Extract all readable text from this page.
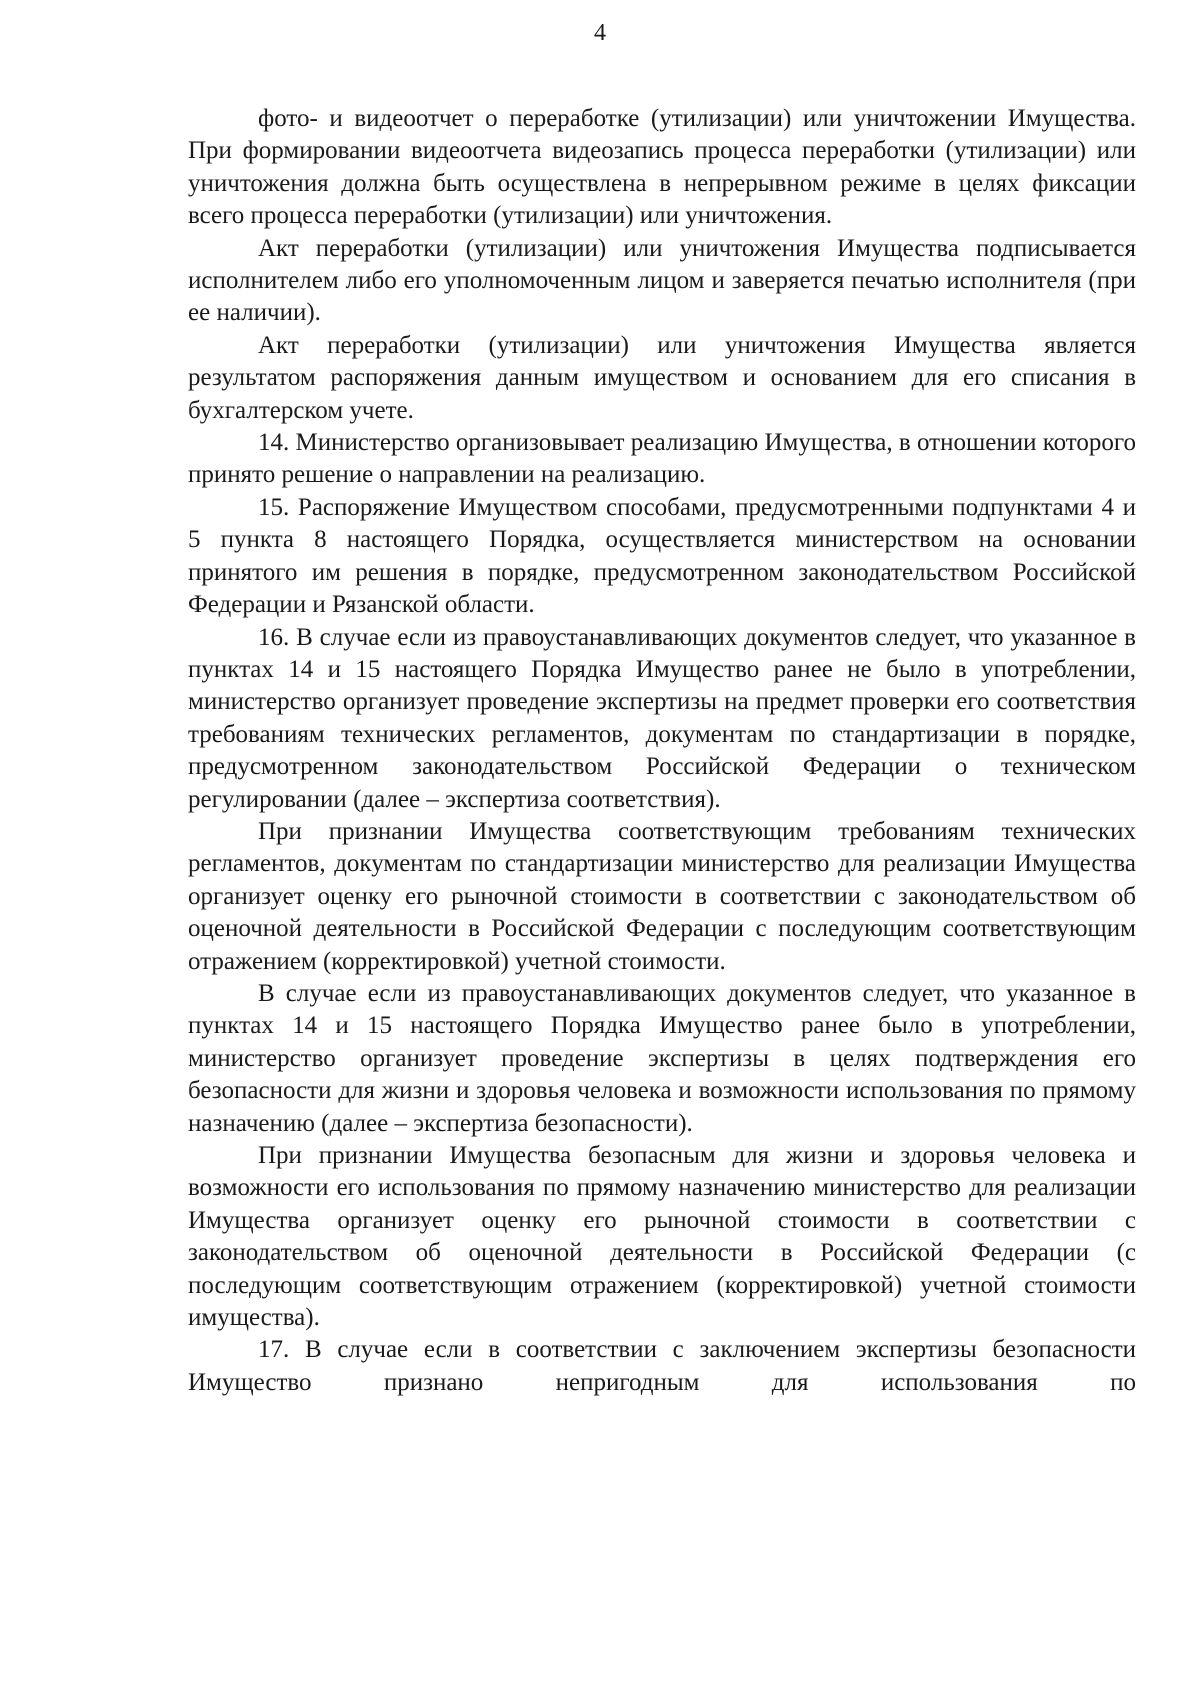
4

фото- и видеоотчет о переработке (утилизации) или уничтожении Имущества. При формировании видеоотчета видеозапись процесса переработки (утилизации) или уничтожения должна быть осуществлена в непрерывном режиме в целях фиксации всего процесса переработки (утилизации) или уничтожения.

Акт переработки (утилизации) или уничтожения Имущества подписывается исполнителем либо его уполномоченным лицом и заверяется печатью исполнителя (при ее наличии).

Акт переработки (утилизации) или уничтожения Имущества является результатом распоряжения данным имуществом и основанием для его списания в бухгалтерском учете.

14. Министерство организовывает реализацию Имущества, в отношении которого принято решение о направлении на реализацию.

15. Распоряжение Имуществом способами, предусмотренными подпунктами 4 и 5 пункта 8 настоящего Порядка, осуществляется министерством на основании принятого им решения в порядке, предусмотренном законодательством Российской Федерации и Рязанской области.

16. В случае если из правоустанавливающих документов следует, что указанное в пунктах 14 и 15 настоящего Порядка Имущество ранее не было в употреблении, министерство организует проведение экспертизы на предмет проверки его соответствия требованиям технических регламентов, документам по стандартизации в порядке, предусмотренном законодательством Российской Федерации о техническом регулировании (далее – экспертиза соответствия).

При признании Имущества соответствующим требованиям технических регламентов, документам по стандартизации министерство для реализации Имущества организует оценку его рыночной стоимости в соответствии с законодательством об оценочной деятельности в Российской Федерации с последующим соответствующим отражением (корректировкой) учетной стоимости.

В случае если из правоустанавливающих документов следует, что указанное в пунктах 14 и 15 настоящего Порядка Имущество ранее было в употреблении, министерство организует проведение экспертизы в целях подтверждения его безопасности для жизни и здоровья человека и возможности использования по прямому назначению (далее – экспертиза безопасности).

При признании Имущества безопасным для жизни и здоровья человека и возможности его использования по прямому назначению министерство для реализации Имущества организует оценку его рыночной стоимости в соответствии с законодательством об оценочной деятельности в Российской Федерации (с последующим соответствующим отражением (корректировкой) учетной стоимости имущества).

17. В случае если в соответствии с заключением экспертизы безопасности Имущество признано непригодным для использования по
